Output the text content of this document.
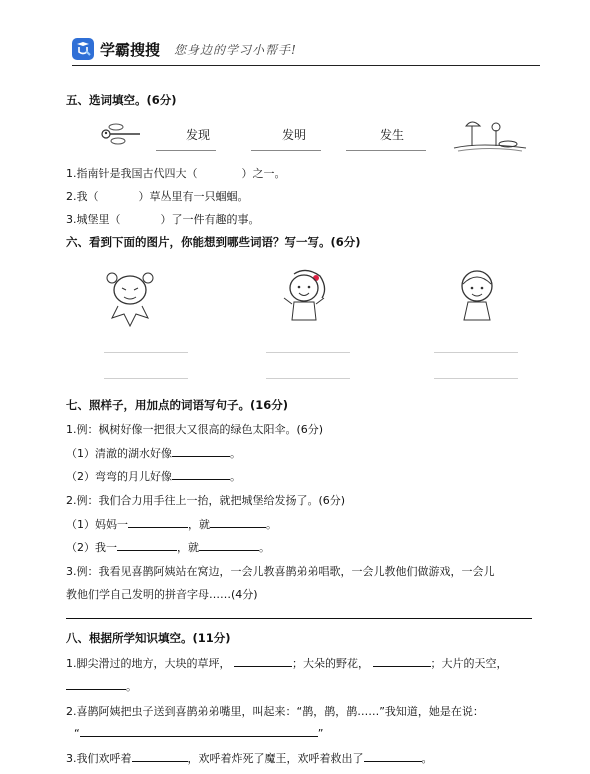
学霸搜搜 您身边的学习小帮手!
五、选词填空。(6分)
发现	发明	发生
1.指南针是我国古代四大（	）之一。
2.我（	）草丛里有一只蝈蝈。
3.城堡里（	）了一件有趣的事。
六、看到下面的图片，你能想到哪些词语？写一写。(6分)
七、照样子，用加点的词语写句子。(16分)
1.例：枫树好像一把很大又很高的绿色太阳伞。(6分)
（1）清澈的湖水好像	。
（2）弯弯的月儿好像	。
2.例：我们合力用手往上一抬，就把城堡给发扬了。(6分)
（1）妈妈一	，就	。
（2）我一	，就	。
3.例：我看见喜鹊阿姨站在窝边，一会儿教喜鹊弟弟唱歌，一会儿教他们做游戏，一会儿
教他们学自己发明的拼音字母……(4分)
八、根据所学知识填空。(11分)
1.脚尖滑过的地方，大块的草坪，	；大朵的野花，	；大片的天空，
。
2.喜鹊阿姨把虫子送到喜鹊弟弟嘴里，叫起来：“鹊，鹊，鹊……”我知道，她是在说：
“	”
3.我们欢呼着	，欢呼着炸死了魔王，欢呼着救出了	。
